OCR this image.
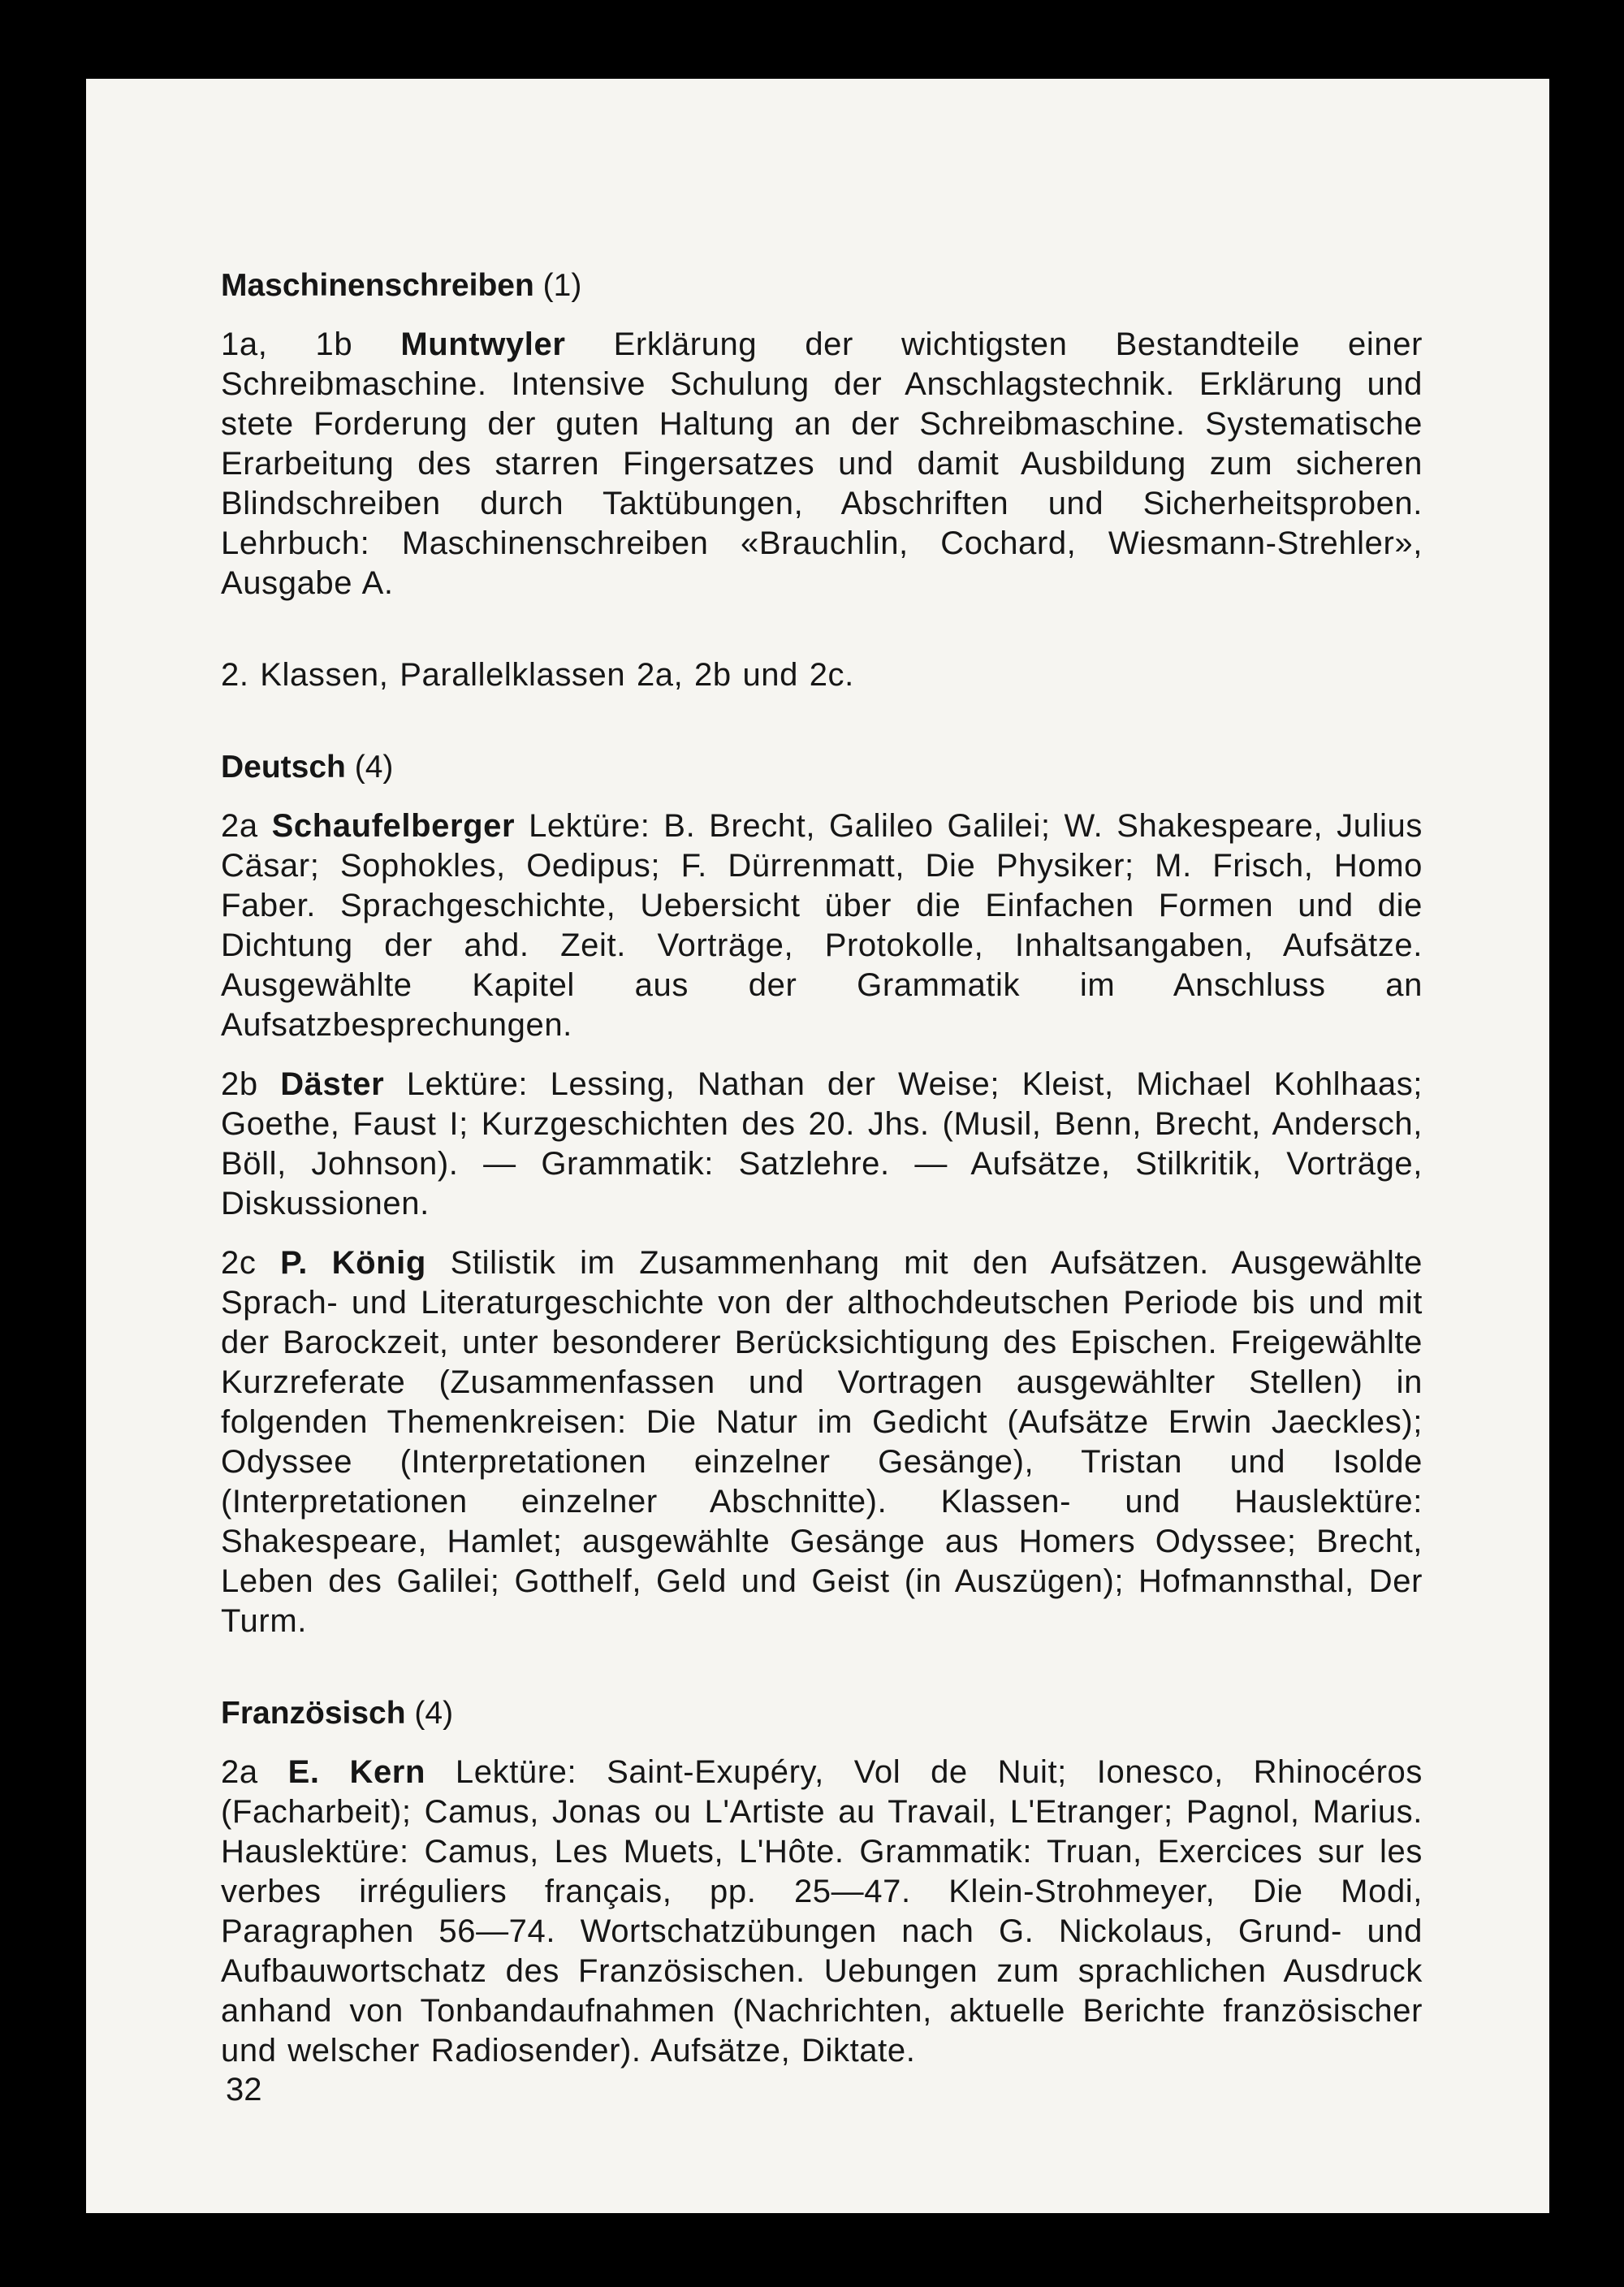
Maschinenschreiben (1)

1a, 1b Muntwyler Erklärung der wichtigsten Bestandteile einer Schreibmaschine. Intensive Schulung der Anschlagstechnik. Erklärung und stete Forderung der guten Haltung an der Schreibmaschine. Systematische Erarbeitung des starren Fingersatzes und damit Ausbildung zum sicheren Blindschreiben durch Taktübungen, Abschriften und Sicherheitsproben. Lehrbuch: Maschinenschreiben «Brauchlin, Cochard, Wiesmann-Strehler», Ausgabe A.

2. Klassen, Parallelklassen 2a, 2b und 2c.

Deutsch (4)

2a Schaufelberger Lektüre: B. Brecht, Galileo Galilei; W. Shakespeare, Julius Cäsar; Sophokles, Oedipus; F. Dürrenmatt, Die Physiker; M. Frisch, Homo Faber. Sprachgeschichte, Uebersicht über die Einfachen Formen und die Dichtung der ahd. Zeit. Vorträge, Protokolle, Inhaltsangaben, Aufsätze. Ausgewählte Kapitel aus der Grammatik im Anschluss an Aufsatzbesprechungen.

2b Däster Lektüre: Lessing, Nathan der Weise; Kleist, Michael Kohlhaas; Goethe, Faust I; Kurzgeschichten des 20. Jhs. (Musil, Benn, Brecht, Andersch, Böll, Johnson). — Grammatik: Satzlehre. — Aufsätze, Stilkritik, Vorträge, Diskussionen.

2c P. König Stilistik im Zusammenhang mit den Aufsätzen. Ausgewählte Sprach- und Literaturgeschichte von der althochdeutschen Periode bis und mit der Barockzeit, unter besonderer Berücksichtigung des Epischen. Freigewählte Kurzreferate (Zusammenfassen und Vortragen ausgewählter Stellen) in folgenden Themenkreisen: Die Natur im Gedicht (Aufsätze Erwin Jaeckles); Odyssee (Interpretationen einzelner Gesänge), Tristan und Isolde (Interpretationen einzelner Abschnitte). Klassen- und Hauslektüre: Shakespeare, Hamlet; ausgewählte Gesänge aus Homers Odyssee; Brecht, Leben des Galilei; Gotthelf, Geld und Geist (in Auszügen); Hofmannsthal, Der Turm.

Französisch (4)

2a E. Kern Lektüre: Saint-Exupéry, Vol de Nuit; Ionesco, Rhinocéros (Facharbeit); Camus, Jonas ou L'Artiste au Travail, L'Etranger; Pagnol, Marius. Hauslektüre: Camus, Les Muets, L'Hôte. Grammatik: Truan, Exercices sur les verbes irréguliers français, pp. 25—47. Klein-Strohmeyer, Die Modi, Paragraphen 56—74. Wortschatzübungen nach G. Nickolaus, Grund- und Aufbauwortschatz des Französischen. Uebungen zum sprachlichen Ausdruck anhand von Tonbandaufnahmen (Nachrichten, aktuelle Berichte französischer und welscher Radiosender). Aufsätze, Diktate.

32
